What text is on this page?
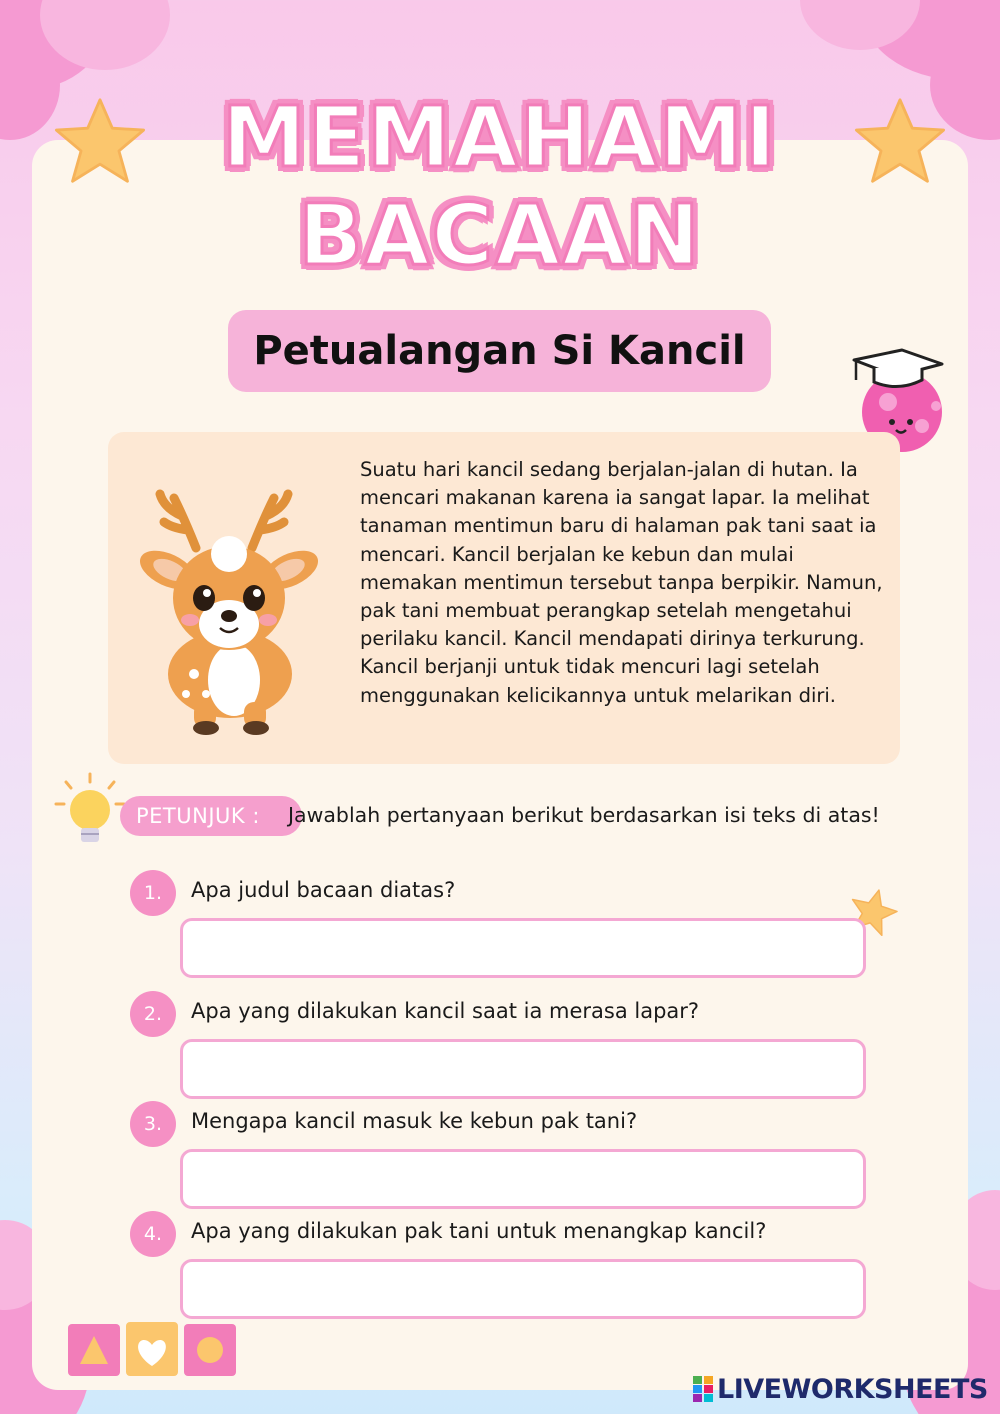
MEMAHAMI
BACAAN
Petualangan Si Kancil
Suatu hari kancil sedang berjalan-jalan di hutan. Ia mencari makanan karena ia sangat lapar. Ia melihat tanaman mentimun baru di halaman pak tani saat ia mencari. Kancil berjalan ke kebun dan mulai memakan mentimun tersebut tanpa berpikir. Namun, pak tani membuat perangkap setelah mengetahui perilaku kancil. Kancil mendapati dirinya terkurung. Kancil berjanji untuk tidak mencuri lagi setelah menggunakan kelicikannya untuk melarikan diri.
PETUNJUK : Jawablah pertanyaan berikut berdasarkan isi teks di atas!
1.	Apa judul bacaan diatas?
2.	Apa yang dilakukan kancil saat ia merasa lapar?
3.	Mengapa kancil masuk ke kebun pak tani?
4.	Apa yang dilakukan pak tani untuk menangkap kancil?
LIVEWORKSHEETS
